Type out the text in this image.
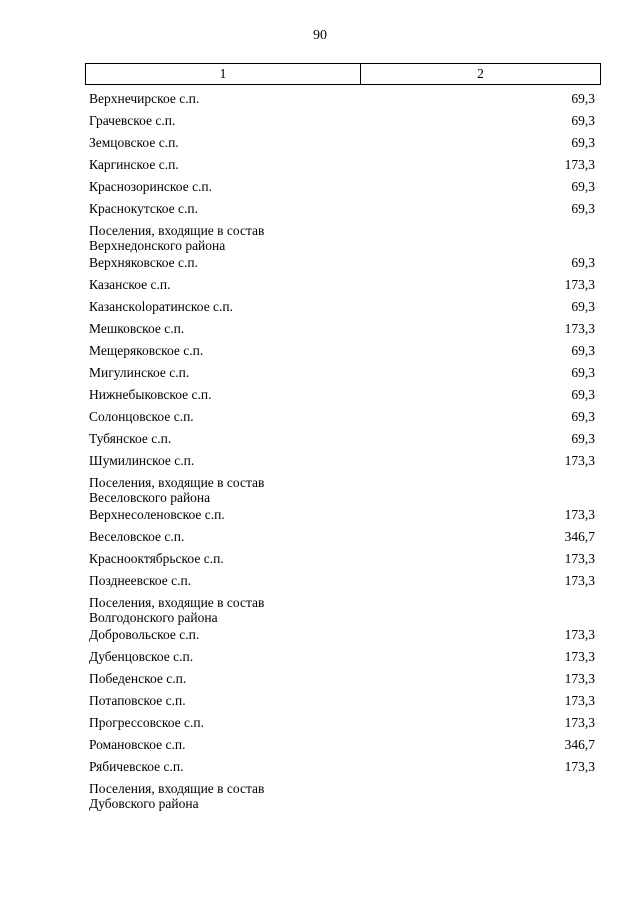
90
1	2
Верхнечирское с.п.	69,3
Грачевское с.п.	69,3
Земцовское с.п.	69,3
Каргинское с.п.	173,3
Краснозоринское с.п.	69,3
Краснокутское с.п.	69,3
Поселения, входящие в состав
Верхнедонского района
Верхняковское с.п.	69,3
Казанское с.п.	173,3
Казанскolopатинское с.п.	69,3
Мешковское с.п.	173,3
Мещеряковское с.п.	69,3
Мигулинское с.п.	69,3
Нижнебыковское с.п.	69,3
Солонцовское с.п.	69,3
Тубянское с.п.	69,3
Шумилинское с.п.	173,3
Поселения, входящие в состав
Веселовского района
Верхнесоленовское с.п.	173,3
Веселовское с.п.	346,7
Краснооктябрьское с.п.	173,3
Позднеевское с.п.	173,3
Поселения, входящие в состав
Волгодонского района
Добровольское с.п.	173,3
Дубенцовское с.п.	173,3
Победенское с.п.	173,3
Потаповское с.п.	173,3
Прогрессовское с.п.	173,3
Романовское с.п.	346,7
Рябичевское с.п.	173,3
Поселения, входящие в состав
Дубовского района
